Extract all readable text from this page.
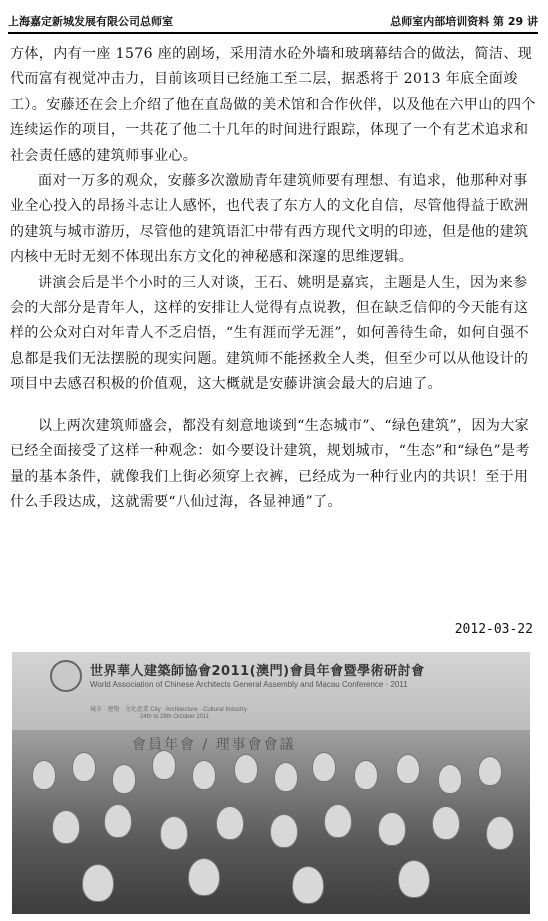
上海嘉定新城发展有限公司总师室	总师室内部培训资料 第 29 讲

方体，内有一座 1576 座的剧场，采用清水砼外墙和玻璃幕结合的做法，简洁、现代而富有视觉冲击力，目前该项目已经施工至二层，据悉将于 2013 年底全面竣工）。安藤还在会上介绍了他在直岛做的美术馆和合作伙伴，以及他在六甲山的四个连续运作的项目，一共花了他二十几年的时间进行跟踪，体现了一个有艺术追求和社会责任感的建筑师事业心。

面对一万多的观众，安藤多次激励青年建筑师要有理想、有追求，他那种对事业全心投入的昂扬斗志让人感怀，也代表了东方人的文化自信，尽管他得益于欧洲的建筑与城市游历，尽管他的建筑语汇中带有西方现代文明的印迹，但是他的建筑内核中无时无刻不体现出东方文化的神秘感和深邃的思维逻辑。

讲演会后是半个小时的三人对谈，王石、姚明是嘉宾，主题是人生，因为来参会的大部分是青年人，这样的安排让人觉得有点说教，但在缺乏信仰的今天能有这样的公众对白对年青人不乏启悟，“生有涯而学无涯”，如何善待生命，如何自强不息都是我们无法摆脱的现实问题。建筑师不能拯救全人类，但至少可以从他设计的项目中去感召积极的价值观，这大概就是安藤讲演会最大的启迪了。

以上两次建筑师盛会，都没有刻意地谈到“生态城市”、“绿色建筑”，因为大家已经全面接受了这样一种观念：如今要设计建筑，规划城市，“生态”和“绿色”是考量的基本条件，就像我们上街必须穿上衣裤，已经成为一种行业内的共识！至于用什么手段达成，这就需要“八仙过海，各显神通”了。

2012-03-22
世界華人建築師協會2011(澳門)會員年會暨學術研討會
World Association of Chinese Architects General Assembly and Macau Conference · 2011
城市 · 建築 · 文化產業 City · Architecture · Cultural Industry
24th to 28th October 2011
會員年會 / 理事會會議
